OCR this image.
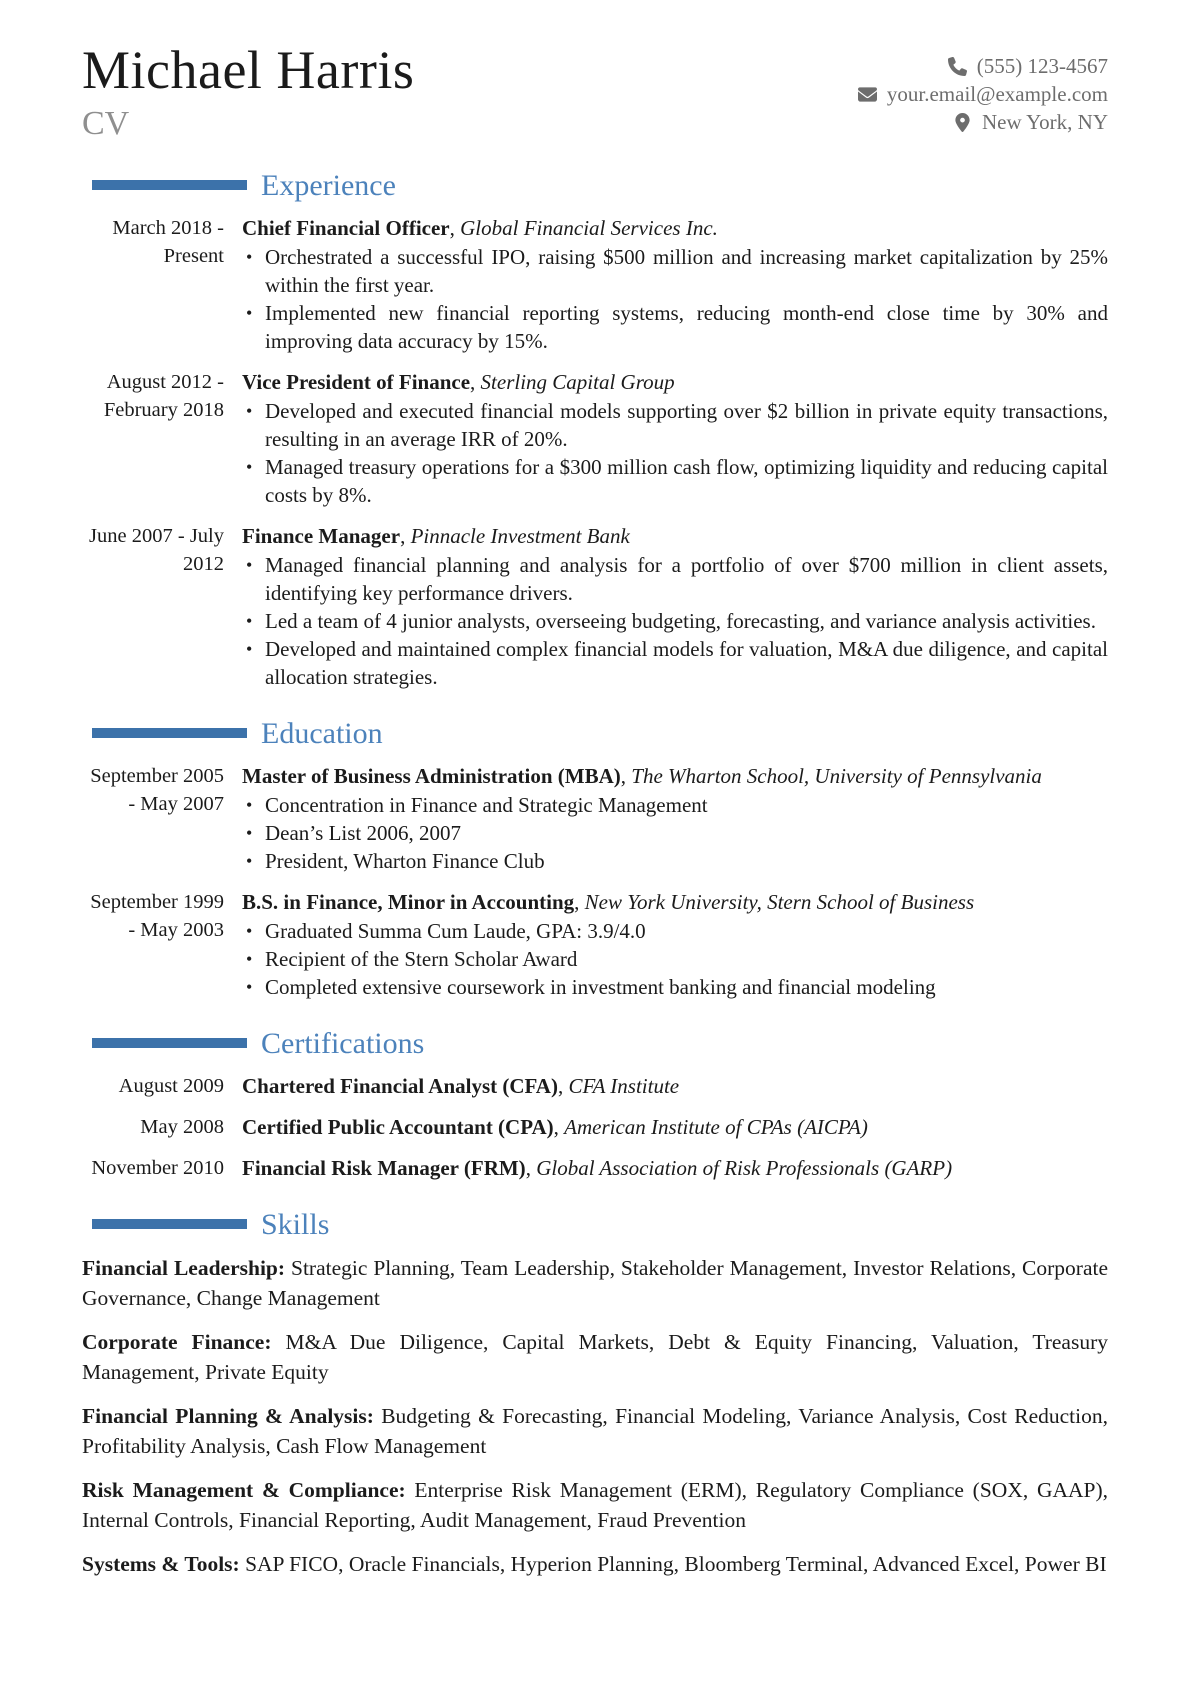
Michael Harris
CV
(555) 123-4567
your.email@example.com
New York, NY
Experience
March 2018 - Present
Chief Financial Officer, Global Financial Services Inc.
• Orchestrated a successful IPO, raising $500 million and increasing market capitalization by 25% within the first year.
• Implemented new financial reporting systems, reducing month-end close time by 30% and improving data accuracy by 15%.
August 2012 - February 2018
Vice President of Finance, Sterling Capital Group
• Developed and executed financial models supporting over $2 billion in private equity transactions, resulting in an average IRR of 20%.
• Managed treasury operations for a $300 million cash flow, optimizing liquidity and reducing capital costs by 8%.
June 2007 - July 2012
Finance Manager, Pinnacle Investment Bank
• Managed financial planning and analysis for a portfolio of over $700 million in client assets, identifying key performance drivers.
• Led a team of 4 junior analysts, overseeing budgeting, forecasting, and variance analysis activities.
• Developed and maintained complex financial models for valuation, M&A due diligence, and capital allocation strategies.
Education
September 2005 - May 2007
Master of Business Administration (MBA), The Wharton School, University of Pennsylvania
• Concentration in Finance and Strategic Management
• Dean’s List 2006, 2007
• President, Wharton Finance Club
September 1999 - May 2003
B.S. in Finance, Minor in Accounting, New York University, Stern School of Business
• Graduated Summa Cum Laude, GPA: 3.9/4.0
• Recipient of the Stern Scholar Award
• Completed extensive coursework in investment banking and financial modeling
Certifications
August 2009 Chartered Financial Analyst (CFA), CFA Institute
May 2008 Certified Public Accountant (CPA), American Institute of CPAs (AICPA)
November 2010 Financial Risk Manager (FRM), Global Association of Risk Professionals (GARP)
Skills

Financial Leadership: Strategic Planning, Team Leadership, Stakeholder Management, Investor Relations, Corporate Governance, Change Management

Corporate Finance: M&A Due Diligence, Capital Markets, Debt & Equity Financing, Valuation, Treasury Management, Private Equity

Financial Planning & Analysis: Budgeting & Forecasting, Financial Modeling, Variance Analysis, Cost Reduction, Profitability Analysis, Cash Flow Management

Risk Management & Compliance: Enterprise Risk Management (ERM), Regulatory Compliance (SOX, GAAP), Internal Controls, Financial Reporting, Audit Management, Fraud Prevention

Systems & Tools: SAP FICO, Oracle Financials, Hyperion Planning, Bloomberg Terminal, Advanced Excel, Power BI
